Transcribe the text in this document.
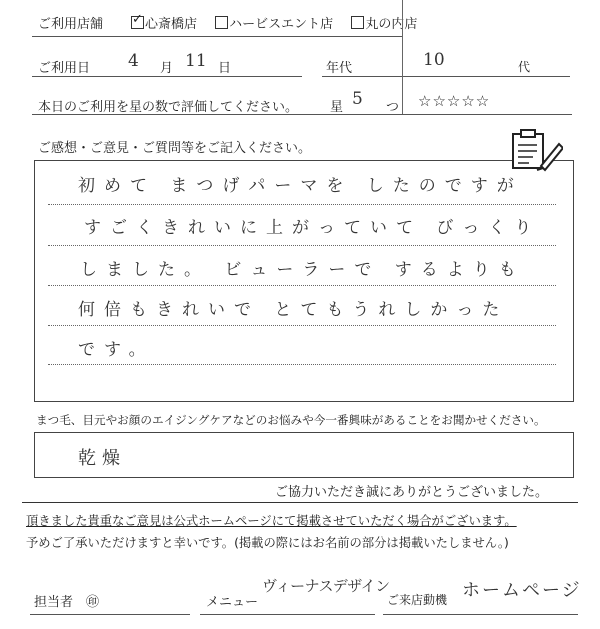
ご利用店舗
✓	心斎橋店 ハービスエント店 丸の内店
ご利用日 4 月 11 日	年代	10	代
本日のご利用を星の数で評価してください。 星 5 つ ☆☆☆☆☆
ご感想・ご意見・ご質問等をご記入ください。
初めて まつげパーマを したのですが
すごくきれいに上がっていて びっくり
しました。 ビューラーで するよりも
何倍もきれいで とてもうれしかった
です。
まつ毛、目元やお顔のエイジングケアなどのお悩みや今一番興味があることをお聞かせください。
乾燥
ご協力いただき誠にありがとうございました。
頂きました貴重なご意見は公式ホームページにて掲載させていただく場合がございます。
予めご了承いただけますと幸いです。(掲載の際にはお名前の部分は掲載いたしません。)
担当者 ㊞	メニュー
ヴィーナスデザイン
ご来店動機 ホームページ
